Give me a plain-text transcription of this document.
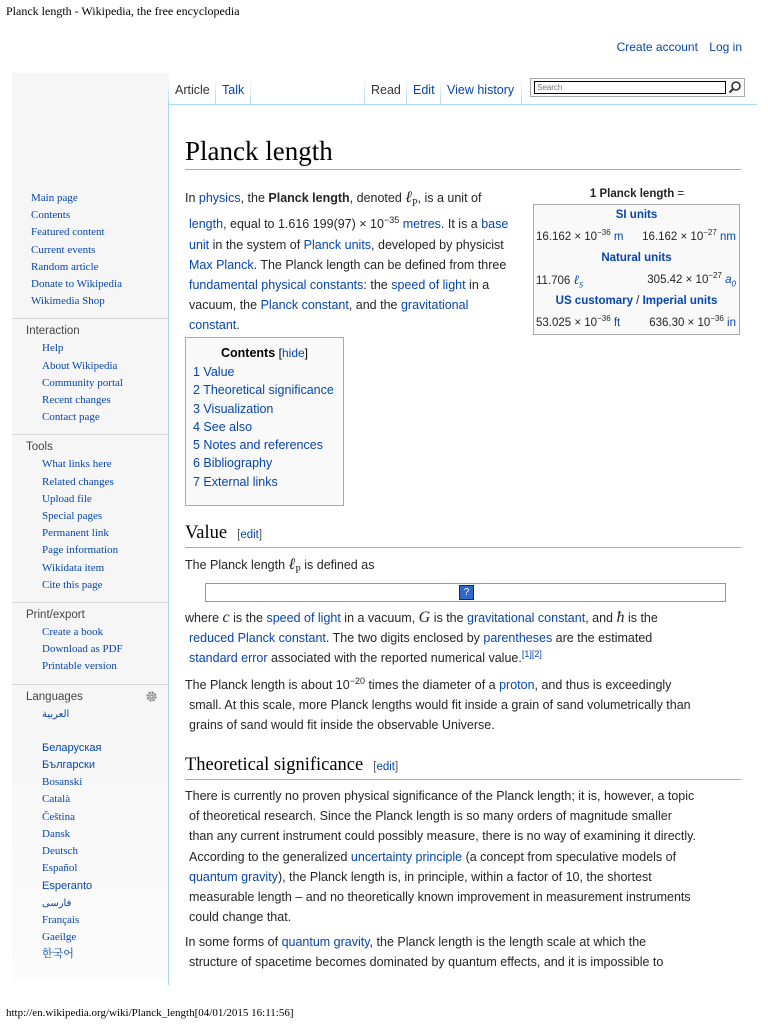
Planck length - Wikipedia, the free encyclopedia
Create account Log in
Main page
Contents
Featured content
Current events
Random article
Donate to Wikipedia
Wikimedia Shop
Interaction
Help
About Wikipedia
Community portal
Recent changes
Contact page
Tools
What links here
Related changes
Upload file
Special pages
Permanent link
Page information
Wikidata item
Cite this page
Print/export
Create a book
Download as PDF
Printable version
Languages
العربية
Беларуская
Български
Bosanski
Català
Čeština
Dansk
Deutsch
Español
Esperanto
فارسی
Français
Gaeilge
한국어
Article Talk	Read Edit View history
Search
Planck length
1 Planck length =
SI units
$16.162 \times 10^{-36}$ m $16.162 \times 10^{-27}$ nm
Natural units
11.706 ℓ$_S$	$305.42 \times 10^{-27}$ $a_0$
US customary / Imperial units
$53.025 \times 10^{-36}$ ft	$636.30 \times 10^{-36}$ in
In physics, the Planck length, denoted ℓ$_P$, is a unit of
length, equal to 1.616 $199(97) \times 10^{-35}$ metres. It is a base
unit in the system of Planck units, developed by physicist
Max Planck. The Planck length can be defined from three
fundamental physical constants: the speed of light in a
vacuum, the Planck constant, and the gravitational
constant.
Contents [hide]
1 Value
2 Theoretical significance
3 Visualization
4 See also
5 Notes and references
6 Bibliography
7 External links
Value [edit]
The Planck length ℓ$_P$ is defined as
?
where c is the speed of light in a vacuum, G is the gravitational constant, and ħ is the
reduced Planck constant. The two digits enclosed by parentheses are the estimated
standard error associated with the reported numerical value.[1][2]
The Planck length is about $10^{-20}$ times the diameter of a proton, and thus is exceedingly
small. At this scale, more Planck lengths would fit inside a grain of sand volumetrically than
grains of sand would fit inside the observable Universe.
Theoretical significance [edit]
There is currently no proven physical significance of the Planck length; it is, however, a topic
of theoretical research. Since the Planck length is so many orders of magnitude smaller
than any current instrument could possibly measure, there is no way of examining it directly.
According to the generalized uncertainty principle (a concept from speculative models of
quantum gravity), the Planck length is, in principle, within a factor of 10, the shortest
measurable length – and no theoretically known improvement in measurement instruments
could change that.
In some forms of quantum gravity, the Planck length is the length scale at which the
structure of spacetime becomes dominated by quantum effects, and it is impossible to
http://en.wikipedia.org/wiki/Planck_length[04/01/2015 16:11:56]
